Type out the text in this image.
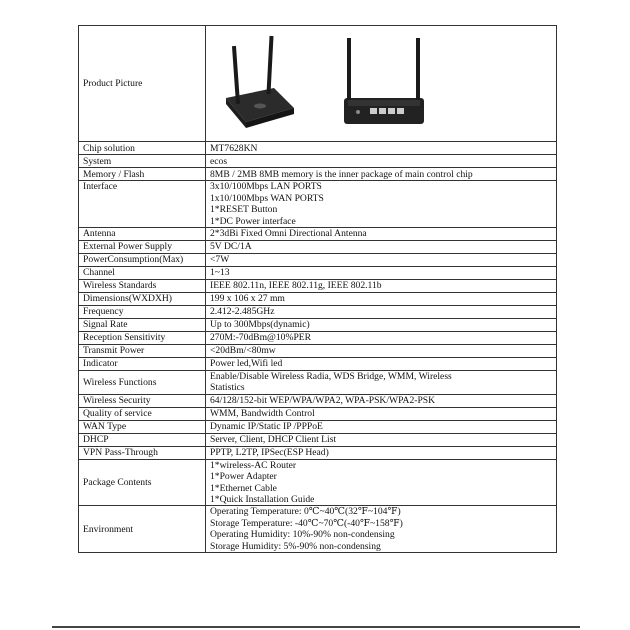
Product Picture	
Chip solution	MT7628KN
System	ecos
Memory / Flash	8MB / 2MB 8MB memory is the inner package of main control chip
Interface	3x10/100Mbps LAN PORTS
1x10/100Mbps WAN PORTS
1*RESET Button
1*DC Power interface

Antenna	2*3dBi Fixed Omni Directional Antenna
External Power Supply	5V DC/1A
PowerConsumption(Max)	<7W
Channel	1~13
Wireless Standards	IEEE 802.11n, IEEE 802.11g, IEEE 802.11b
Dimensions(WXDXH)	199 x 106 x 27 mm
Frequency	2.412-2.485GHz
Signal Rate	Up to 300Mbps(dynamic)
Reception Sensitivity	270M:-70dBm@10%PER
Transmit Power	<20dBm/<80mw
Indicator	Power led,Wifi led
Wireless Functions	Enable/Disable Wireless Radia, WDS Bridge, WMM, Wireless
Statistics

Wireless Security	64/128/152-bit WEP/WPA/WPA2, WPA-PSK/WPA2-PSK
Quality of service	WMM, Bandwidth Control
WAN Type	Dynamic IP/Static IP /PPPoE
DHCP	Server, Client, DHCP Client List
VPN Pass-Through	PPTP, L2TP, IPSec(ESP Head)
Package Contents	1*wireless-AC Router
1*Power Adapter
1*Ethernet Cable
1*Quick Installation Guide

Environment	Operating Temperature: 0℃~40℃(32℉~104℉)
Storage Temperature: -40℃~70℃(-40℉~158℉)
Operating Humidity: 10%-90% non-condensing
Storage Humidity: 5%-90% non-condensing
